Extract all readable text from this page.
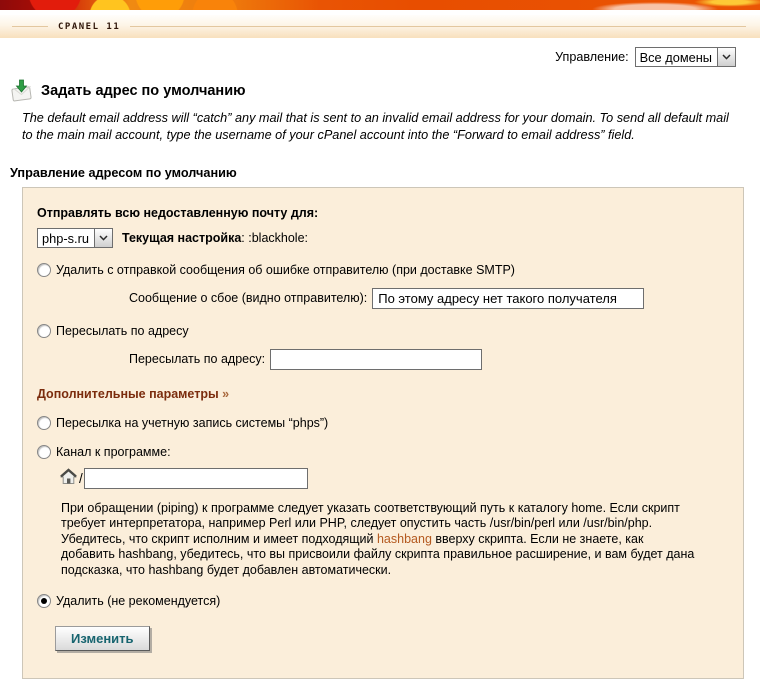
CPANEL 11
Управление: Все домены
Задать адрес по умолчанию
The default email address will “catch” any mail that is sent to an invalid email address for your domain. To send all default mail to the main mail account, type the username of your cPanel account into the “Forward to email address” field.
Управление адресом по умолчанию
Отправлять всю недоставленную почту для:
php-s.ru	Текущая настройка: :blackhole:
Удалить с отправкой сообщения об ошибке отправителю (при доставке SMTP)
Сообщение о сбое (видно отправителю):
По этому адресу нет такого получателя
Пересылать по адресу
Пересылать по адресу:
Дополнительные параметры »
Пересылка на учетную запись системы “phps”)
Канал к программе:
/
При обращении (piping) к программе следует указать соответствующий путь к каталогу home. Если скрипт требует интерпретатора, например Perl или PHP, следует опустить часть /usr/bin/perl или /usr/bin/php. Убедитесь, что скрипт исполним и имеет подходящий hashbang вверху скрипта. Если не знаете, как добавить hashbang, убедитесь, что вы присвоили файлу скрипта правильное расширение, и вам будет дана подсказка, что hashbang будет добавлен автоматически.
Удалить (не рекомендуется)
Изменить
